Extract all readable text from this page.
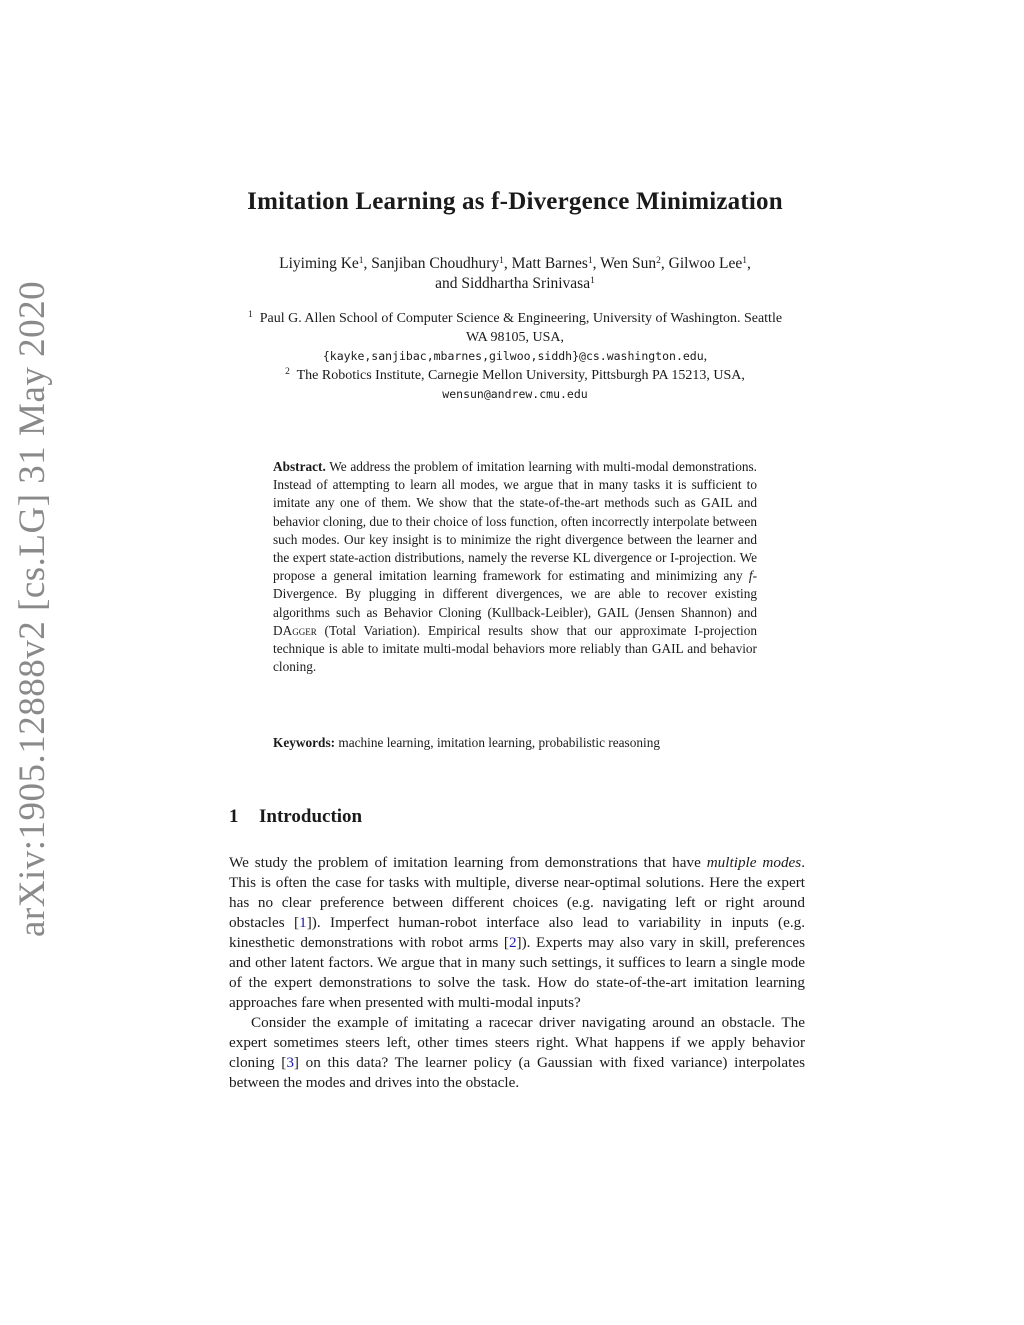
arXiv:1905.12888v2 [cs.LG] 31 May 2020
Imitation Learning as f-Divergence Minimization
Liyiming Ke$^1$, Sanjiban Choudhury$^1$, Matt Barnes$^1$, Wen Sun$^2$, Gilwoo Lee$^1$,
and Siddhartha Srinivasa$^1$
$^1$ Paul G. Allen School of Computer Science & Engineering, University of Washington. Seattle WA 98105, USA,
{kayke,sanjibac,mbarnes,gilwoo,siddh}@cs.washington.edu,
$^2$ The Robotics Institute, Carnegie Mellon University, Pittsburgh PA 15213, USA,
wensun@andrew.cmu.edu
Abstract. We address the problem of imitation learning with multi-modal demonstrations. Instead of attempting to learn all modes, we argue that in many tasks it is sufficient to imitate any one of them. We show that the state-of-the-art methods such as GAIL and behavior cloning, due to their choice of loss function, often incorrectly interpolate between such modes. Our key insight is to minimize the right divergence between the learner and the expert state-action distributions, namely the reverse KL divergence or I-projection. We propose a general imitation learning framework for estimating and minimizing any f-Divergence. By plugging in different divergences, we are able to recover existing algorithms such as Behavior Cloning (Kullback-Leibler), GAIL (Jensen Shannon) and DAgger (Total Variation). Empirical results show that our approximate I-projection technique is able to imitate multi-modal behaviors more reliably than GAIL and behavior cloning.
Keywords: machine learning, imitation learning, probabilistic reasoning
1 Introduction

We study the problem of imitation learning from demonstrations that have multiple modes. This is often the case for tasks with multiple, diverse near-optimal solutions. Here the expert has no clear preference between different choices (e.g. navigating left or right around obstacles [1]). Imperfect human-robot interface also lead to variability in inputs (e.g. kinesthetic demonstrations with robot arms [2]). Experts may also vary in skill, preferences and other latent factors. We argue that in many such settings, it suffices to learn a single mode of the expert demonstrations to solve the task. How do state-of-the-art imitation learning approaches fare when presented with multi-modal inputs?

Consider the example of imitating a racecar driver navigating around an obstacle. The expert sometimes steers left, other times steers right. What happens if we apply behavior cloning [3] on this data? The learner policy (a Gaussian with fixed variance) interpolates between the modes and drives into the obstacle.
